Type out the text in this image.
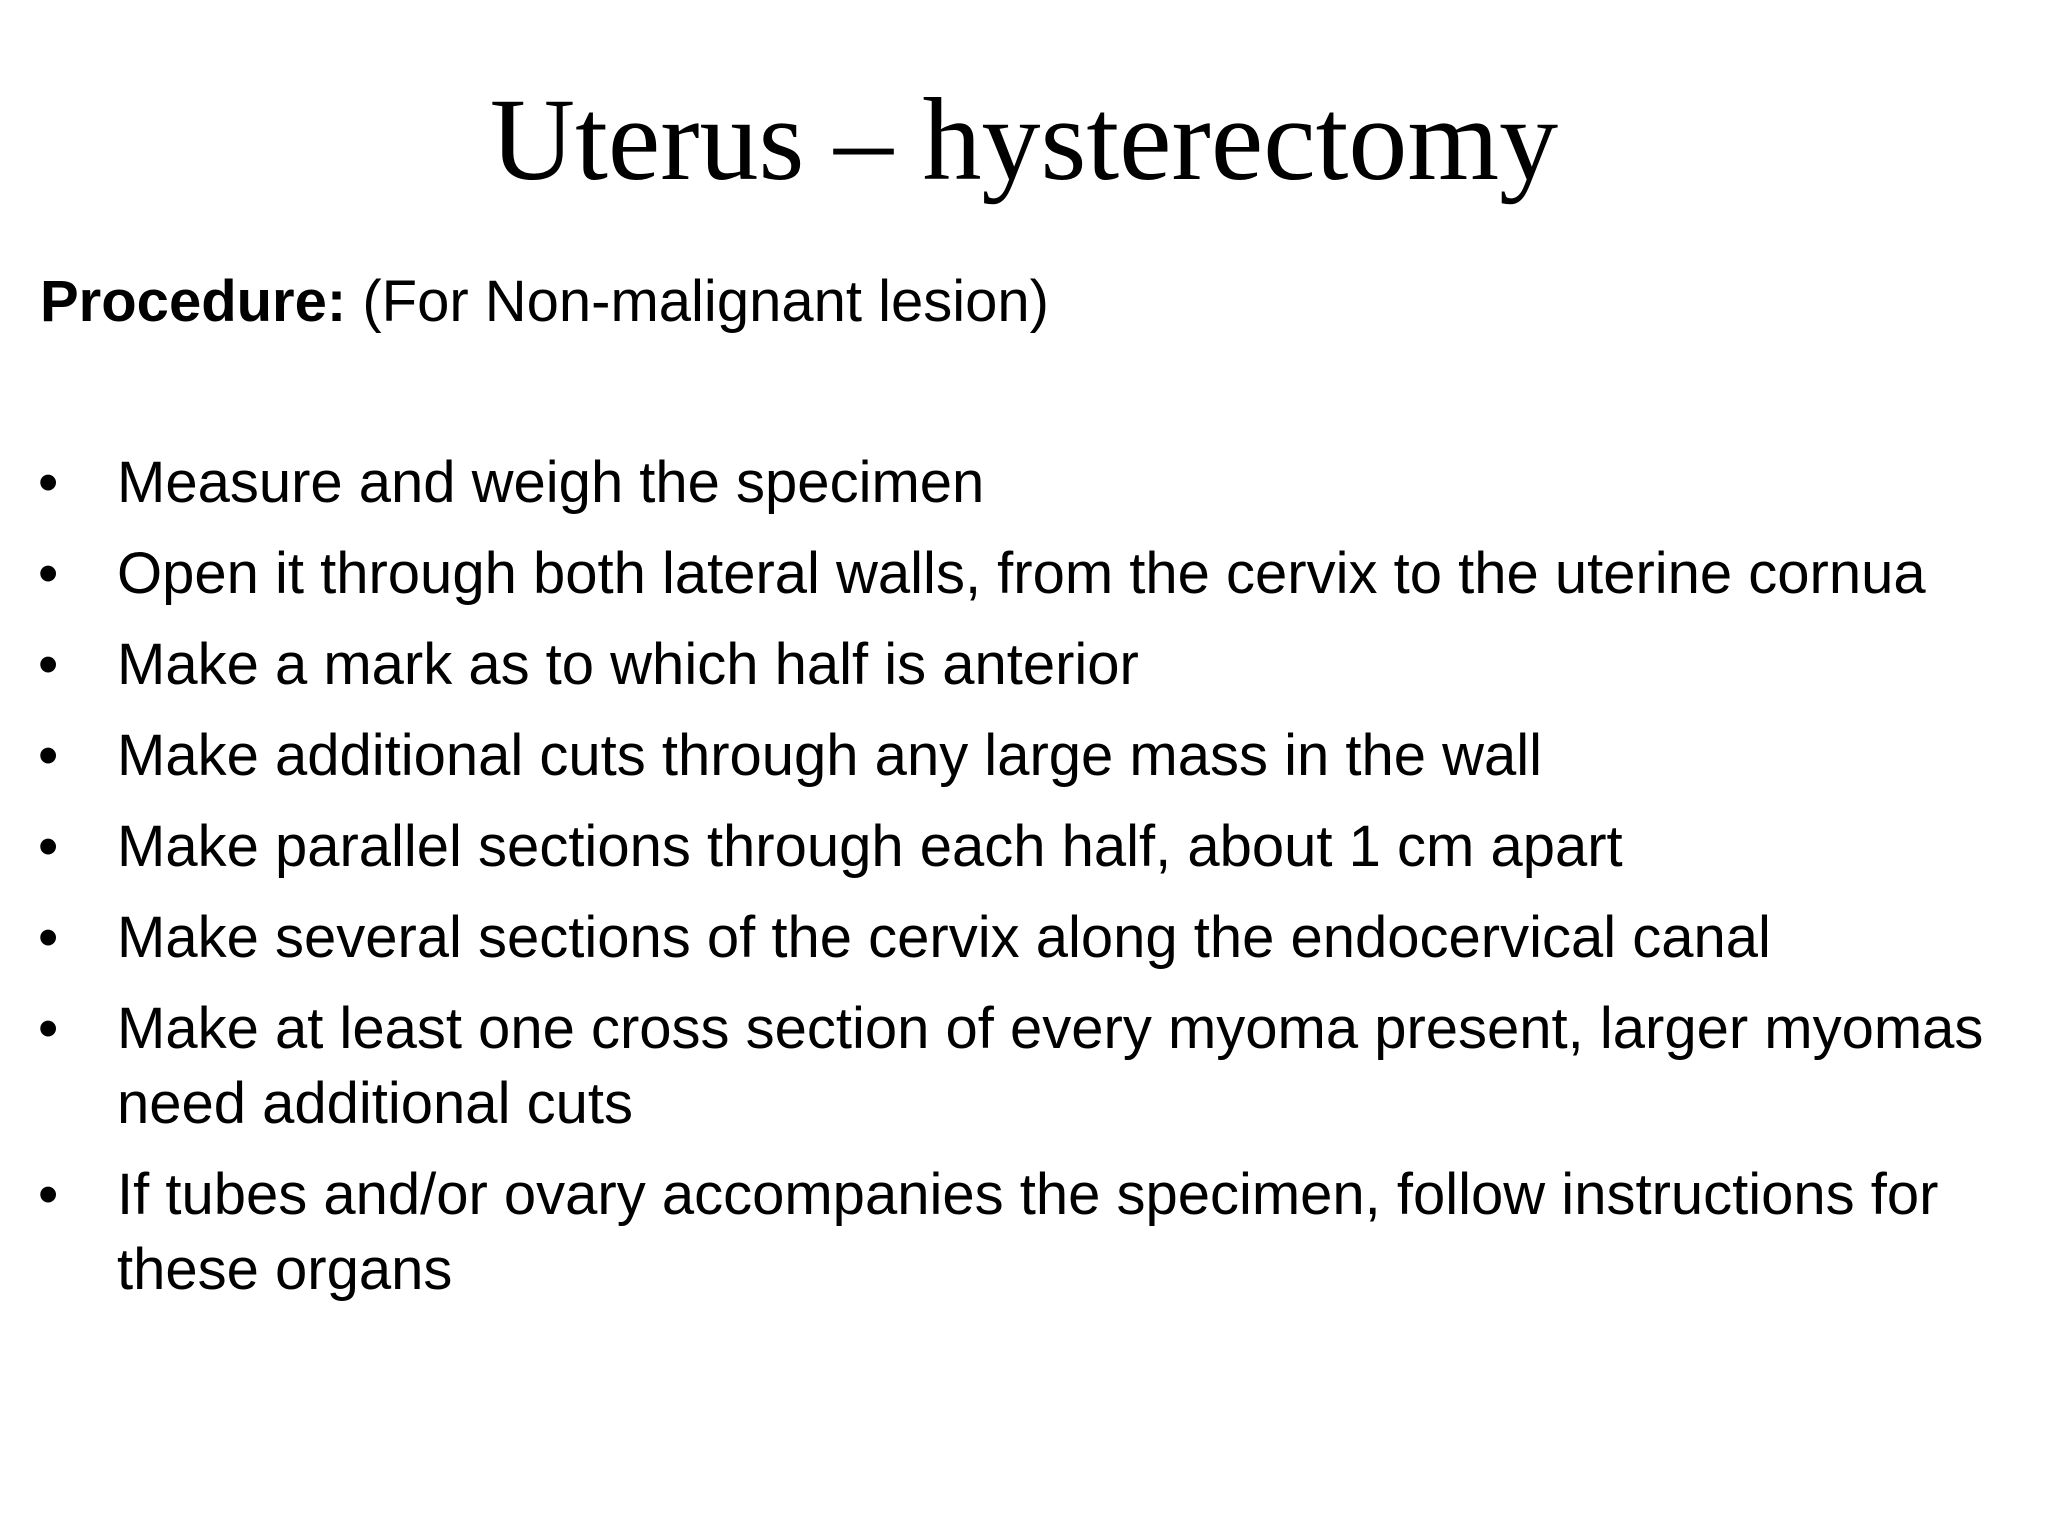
Uterus – hysterectomy

Procedure: (For Non-malignant lesion)

• Measure and weigh the specimen
• Open it through both lateral walls, from the cervix to the uterine cornua
• Make a mark as to which half is anterior
• Make additional cuts through any large mass in the wall
• Make parallel sections through each half, about 1 cm apart
• Make several sections of the cervix along the endocervical canal
• Make at least one cross section of every myoma present, larger myomas need additional cuts
• If tubes and/or ovary accompanies the specimen, follow instructions for these organs
